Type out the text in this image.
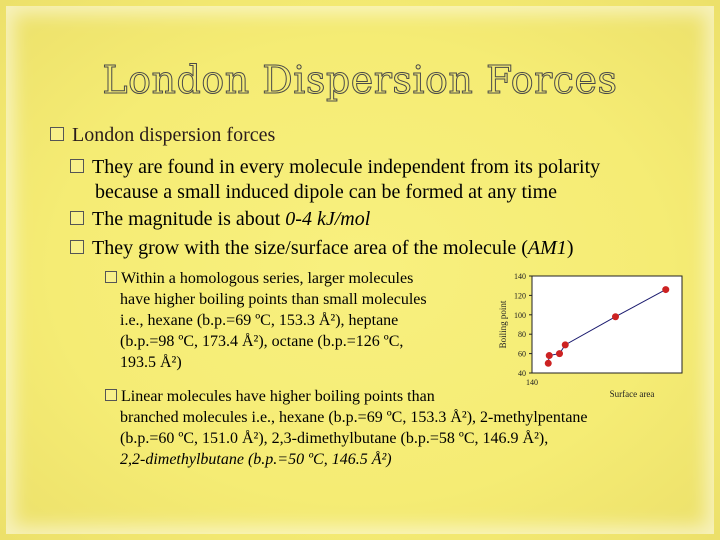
London Dispersion Forces
London dispersion forces
They are found in every molecule independent from its polarity
because a small induced dipole can be formed at any time
The magnitude is about 0-4 kJ/mol
They grow with the size/surface area of the molecule (AM1)
Within a homologous series, larger molecules
have higher boiling points than small molecules
i.e., hexane (b.p.=69 ºC, 153.3 Å²), heptane
(b.p.=98 ºC, 173.4 Å²), octane (b.p.=126 ºC,
193.5 Å²)
Linear molecules have higher boiling points than
branched molecules i.e., hexane (b.p.=69 ºC, 153.3 Å²), 2-methylpentane
(b.p.=60 ºC, 151.0 Å²), 2,3-dimethylbutane (b.p.=58 ºC, 146.9 Å²),
2,2-dimethylbutane (b.p.=50 ºC, 146.5 Å²)
40
60
80
100
120
140
140
Boiling point
Surface area
